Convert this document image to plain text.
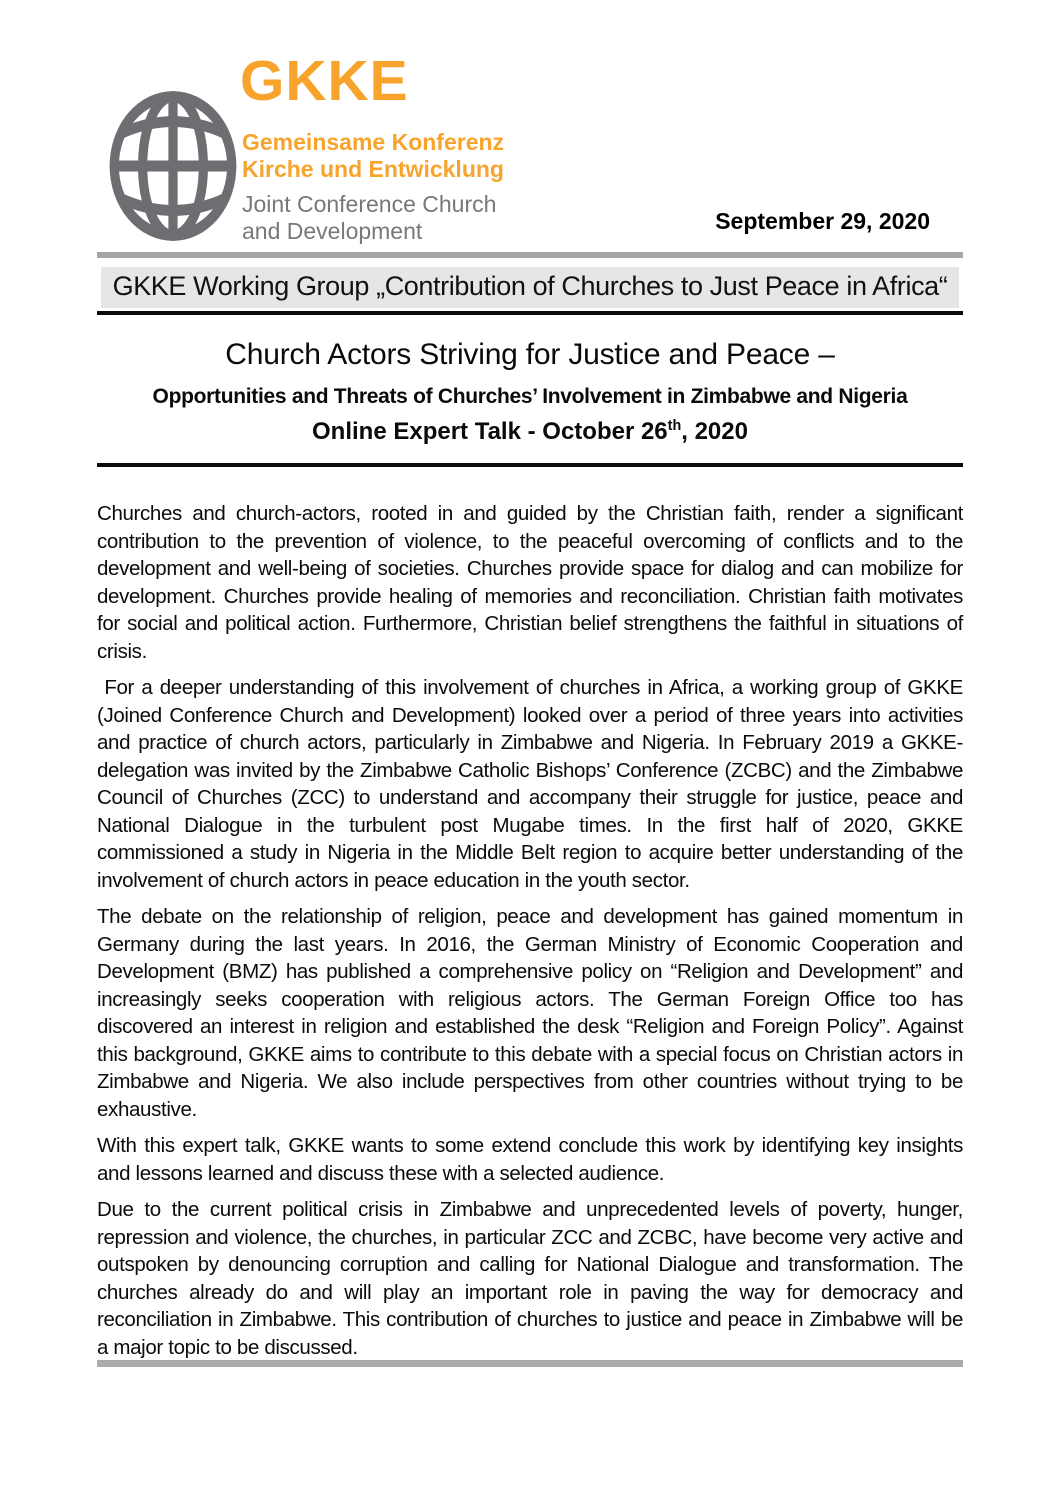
GKKE
Gemeinsame Konferenz
Kirche und Entwicklung
Joint Conference Church
and Development	September 29, 2020
GKKE Working Group „Contribution of Churches to Just Peace in Africa“
Church Actors Striving for Justice and Peace –
Opportunities and Threats of Churches’ Involvement in Zimbabwe and Nigeria
Online Expert Talk - October 26th, 2020

Churches and church-actors, rooted in and guided by the Christian faith, render a significant contribution to the prevention of violence, to the peaceful overcoming of conflicts and to the development and well-being of societies. Churches provide space for dialog and can mobilize for development. Churches provide healing of memories and reconciliation. Christian faith motivates for social and political action. Furthermore, Christian belief strengthens the faithful in situations of crisis.

For a deeper understanding of this involvement of churches in Africa, a working group of GKKE (Joined Conference Church and Development) looked over a period of three years into activities and practice of church actors, particularly in Zimbabwe and Nigeria. In February 2019 a GKKE-delegation was invited by the Zimbabwe Catholic Bishops’ Conference (ZCBC) and the Zimbabwe Council of Churches (ZCC) to understand and accompany their struggle for justice, peace and National Dialogue in the turbulent post Mugabe times. In the first half of 2020, GKKE commissioned a study in Nigeria in the Middle Belt region to acquire better understanding of the involvement of church actors in peace education in the youth sector.

The debate on the relationship of religion, peace and development has gained momentum in Germany during the last years. In 2016, the German Ministry of Economic Cooperation and Development (BMZ) has published a comprehensive policy on “Religion and Development” and increasingly seeks cooperation with religious actors. The German Foreign Office too has discovered an interest in religion and established the desk “Religion and Foreign Policy”. Against this background, GKKE aims to contribute to this debate with a special focus on Christian actors in Zimbabwe and Nigeria. We also include perspectives from other countries without trying to be exhaustive.

With this expert talk, GKKE wants to some extend conclude this work by identifying key insights and lessons learned and discuss these with a selected audience.

Due to the current political crisis in Zimbabwe and unprecedented levels of poverty, hunger, repression and violence, the churches, in particular ZCC and ZCBC, have become very active and outspoken by denouncing corruption and calling for National Dialogue and transformation. The churches already do and will play an important role in paving the way for democracy and reconciliation in Zimbabwe. This contribution of churches to justice and peace in Zimbabwe will be a major topic to be discussed.
